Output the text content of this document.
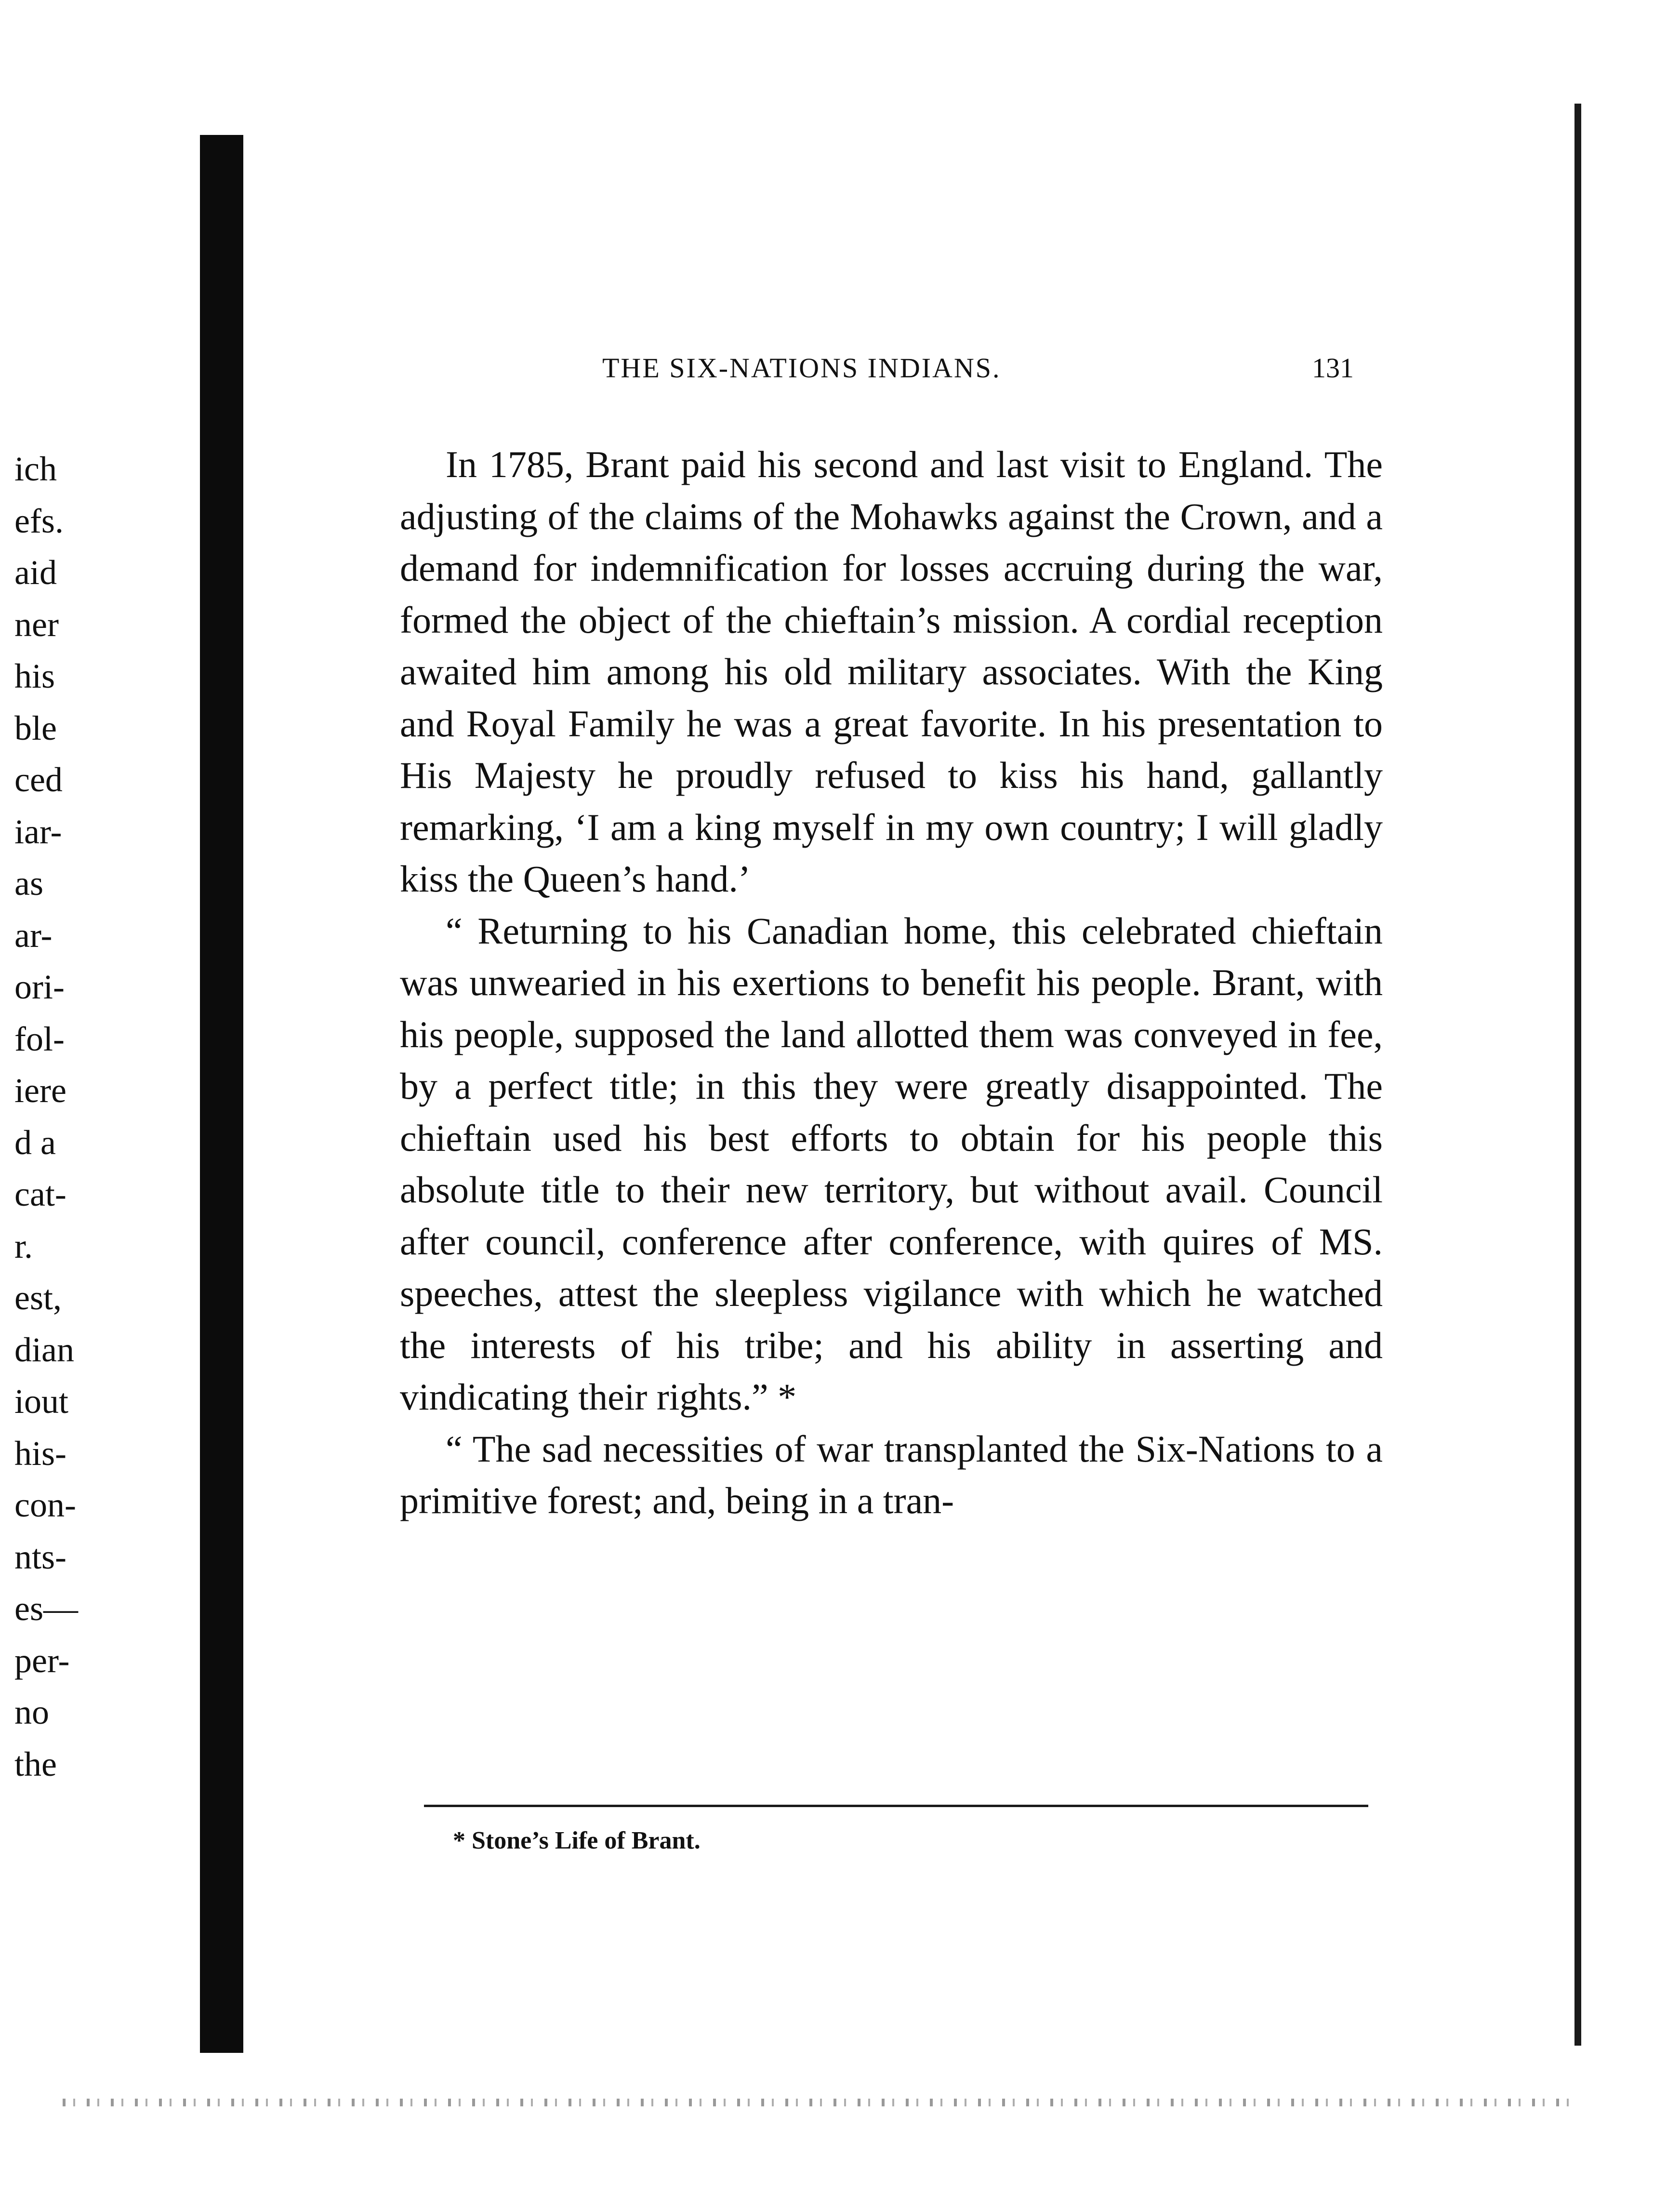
ich
efs.
aid
ner
his
ble
ced
iar-
as
ar-
ori-
fol-
iere
d a
cat-
r.
est,
dian
iout
his-
con-
nts-
es—
per-
no
the
THE SIX-NATIONS INDIANS.	131

In 1785, Brant paid his second and last visit to England. The adjusting of the claims of the Mohawks against the Crown, and a demand for indemnification for losses accruing during the war, formed the object of the chieftain’s mission. A cordial reception awaited him among his old military associates. With the King and Royal Family he was a great favorite. In his presentation to His Majesty he proudly refused to kiss his hand, gallantly remarking, ‘I am a king myself in my own country; I will gladly kiss the Queen’s hand.’

“ Returning to his Canadian home, this celebrated chieftain was unwearied in his exertions to benefit his people. Brant, with his people, supposed the land allotted them was conveyed in fee, by a perfect title; in this they were greatly disappointed. The chieftain used his best efforts to obtain for his people this absolute title to their new territory, but without avail. Council after council, conference after conference, with quires of MS. speeches, attest the sleepless vigilance with which he watched the interests of his tribe; and his ability in asserting and vindicating their rights.” *

“ The sad necessities of war transplanted the Six-Nations to a primitive forest; and, being in a tran-

* Stone’s Life of Brant.
